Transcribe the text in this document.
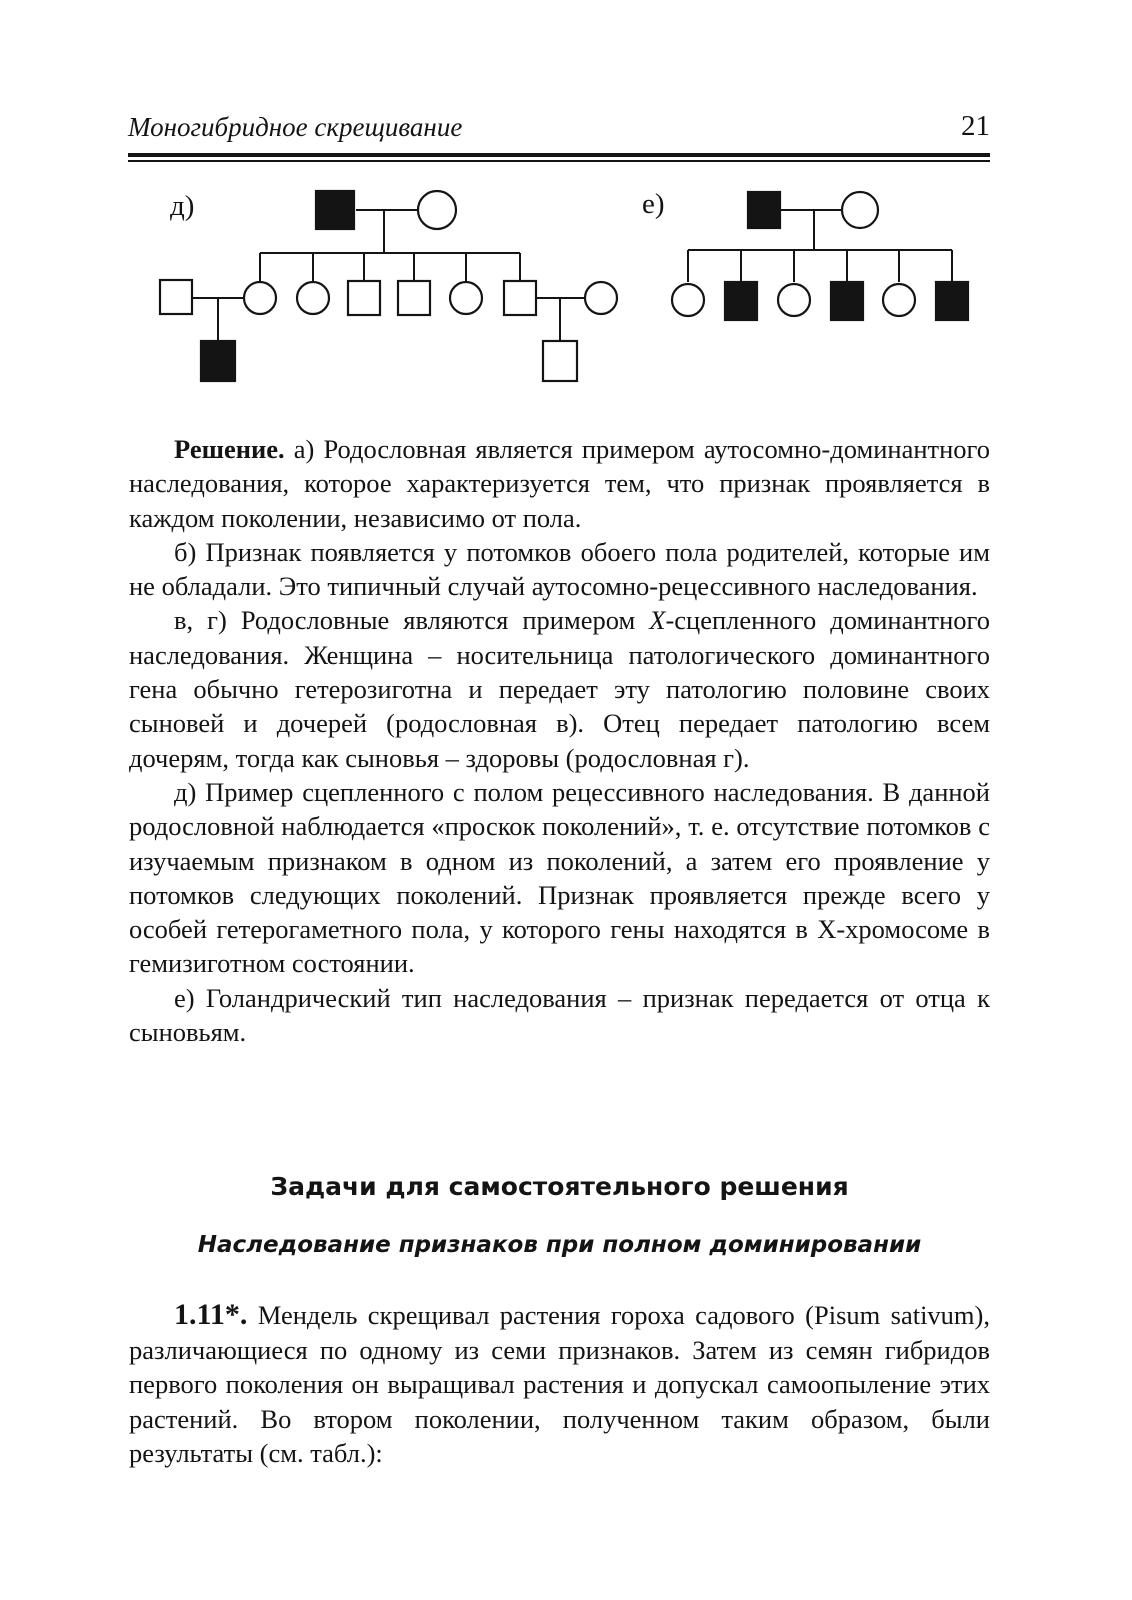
Моногибридное скрещивание	21
д)	е)

Решение. а) Родословная является примером аутосомно-доминантного наследования, которое характеризуется тем, что признак проявляется в каждом поколении, независимо от пола.

б) Признак появляется у потомков обоего пола родителей, которые им не обладали. Это типичный случай аутосомно-рецессивного наследования.

в, г) Родословные являются примером X-сцепленного доминантного наследования. Женщина – носительница патологического доминантного гена обычно гетерозиготна и передает эту патологию половине своих сыновей и дочерей (родословная в). Отец передает патологию всем дочерям, тогда как сыновья – здоровы (родословная г).

д) Пример сцепленного с полом рецессивного наследования. В данной родословной наблюдается «проскок поколений», т. е. отсутствие потомков с изучаемым признаком в одном из поколений, а затем его проявление у потомков следующих поколений. Признак проявляется прежде всего у особей гетерогаметного пола, у которого гены находятся в X-хромосоме в гемизиготном состоянии.

е) Голандрический тип наследования – признак передается от отца к сыновьям.

Задачи для самостоятельного решения
Наследование признаков при полном доминировании

1.11*. Мендель скрещивал растения гороха садового (Pisum sativum), различающиеся по одному из семи признаков. Затем из семян гибридов первого поколения он выращивал растения и допускал самоопыление этих растений. Во втором поколении, полученном таким образом, были результаты (см. табл.):
